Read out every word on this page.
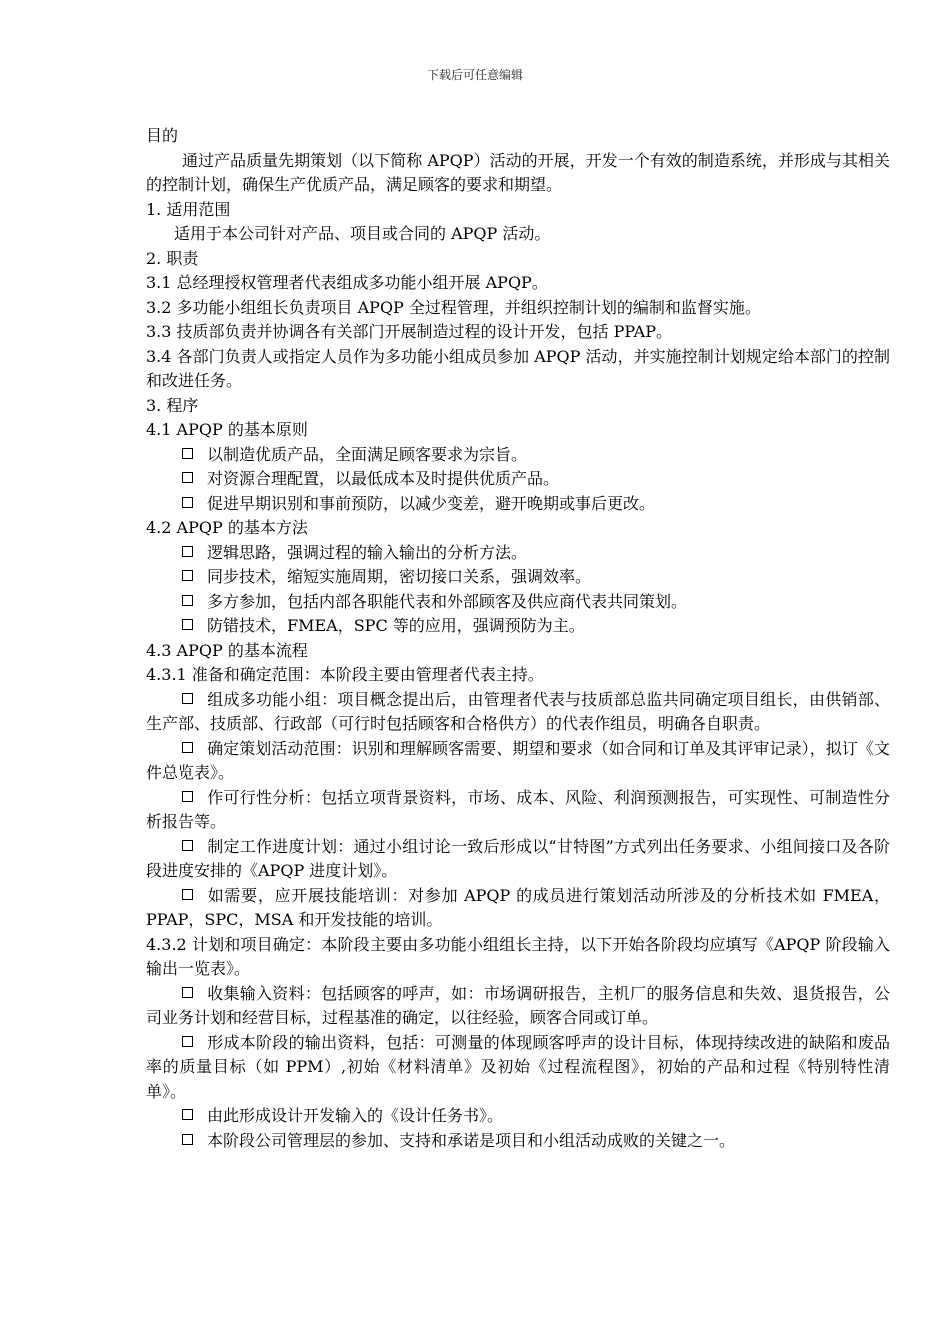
下载后可任意编辑

目的

通过产品质量先期策划（以下简称 APQP）活动的开展，开发一个有效的制造系统，并形成与其相关的控制计划，确保生产优质产品，满足顾客的要求和期望。

1. 适用范围

适用于本公司针对产品、项目或合同的 APQP 活动。

2. 职责

3.1 总经理授权管理者代表组成多功能小组开展 APQP。

3.2 多功能小组组长负责项目 APQP 全过程管理，并组织控制计划的编制和监督实施。

3.3 技质部负责并协调各有关部门开展制造过程的设计开发，包括 PPAP。

3.4 各部门负责人或指定人员作为多功能小组成员参加 APQP 活动，并实施控制计划规定给本部门的控制和改进任务。

3. 程序

4.1 APQP 的基本原则

以制造优质产品，全面满足顾客要求为宗旨。

对资源合理配置，以最低成本及时提供优质产品。

促进早期识别和事前预防，以减少变差，避开晚期或事后更改。

4.2 APQP 的基本方法

逻辑思路，强调过程的输入输出的分析方法。

同步技术，缩短实施周期，密切接口关系，强调效率。

多方参加，包括内部各职能代表和外部顾客及供应商代表共同策划。

防错技术，FMEA，SPC 等的应用，强调预防为主。

4.3 APQP 的基本流程

4.3.1 准备和确定范围：本阶段主要由管理者代表主持。

组成多功能小组：项目概念提出后，由管理者代表与技质部总监共同确定项目组长，由供销部、生产部、技质部、行政部（可行时包括顾客和合格供方）的代表作组员，明确各自职责。

确定策划活动范围：识别和理解顾客需要、期望和要求（如合同和订单及其评审记录），拟订《文件总览表》。

作可行性分析：包括立项背景资料，市场、成本、风险、利润预测报告，可实现性、可制造性分析报告等。

制定工作进度计划：通过小组讨论一致后形成以“甘特图”方式列出任务要求、小组间接口及各阶段进度安排的《APQP 进度计划》。

如需要，应开展技能培训：对参加 APQP 的成员进行策划活动所涉及的分析技术如 FMEA，PPAP，SPC，MSA 和开发技能的培训。

4.3.2 计划和项目确定：本阶段主要由多功能小组组长主持，以下开始各阶段均应填写《APQP 阶段输入输出一览表》。

收集输入资料：包括顾客的呼声，如：市场调研报告，主机厂的服务信息和失效、退货报告，公司业务计划和经营目标，过程基准的确定，以往经验，顾客合同或订单。

形成本阶段的输出资料，包括：可测量的体现顾客呼声的设计目标，体现持续改进的缺陷和废品率的质量目标（如 PPM）,初始《材料清单》及初始《过程流程图》，初始的产品和过程《特别特性清单》。

由此形成设计开发输入的《设计任务书》。

本阶段公司管理层的参加、支持和承诺是项目和小组活动成败的关键之一。
